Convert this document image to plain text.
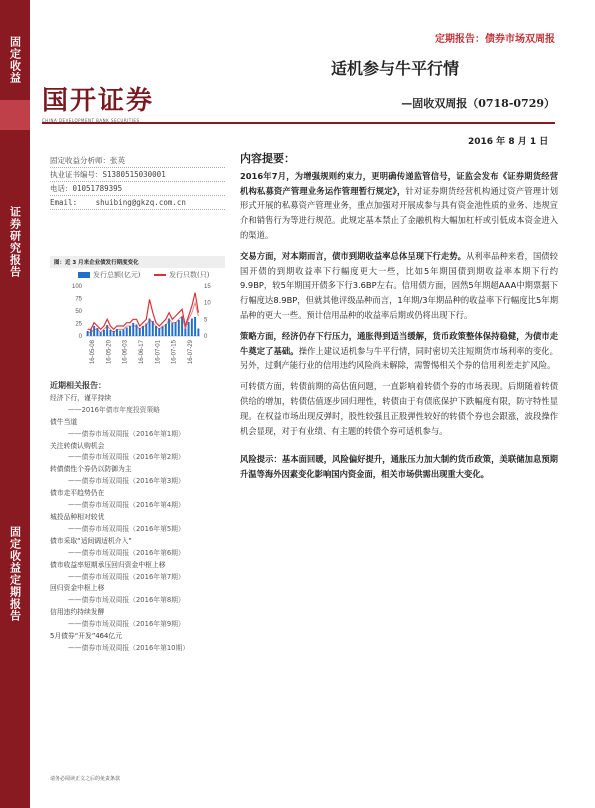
固定收益
证券研究报告
固定收益定期报告
定期报告：债券市场双周报
国开证券
CHINA DEVELOPMENT BANK SECURITIES
适机参与牛平行情
—固收双周报（0718-0729）
2016 年 8 月 1 日
固定收益分析师：张英
执业证书编号：S1380515030001
电话：01051789395
Email: shuibing@gkzq.com.cn
图：近 3 月来企业债发行期度变化
发行总额(亿元)	发行只数(只)
0
25
50
75
100
0
5
10
15
16-05-08 16-05-20 16-06-03 16-06-17 16-07-01 16-07-15 16-07-29
近期相关报告：
经济下行，谨平持续
——2016年债市年度投资策略
债牛当道
——债券市场双周报（2016年第1期）
关注转债认购机会
——债券市场双周报（2016年第2期）
转债债性个券仍以防御为主
——债券市场双周报（2016年第3期）
债市走平趋势仍在
——债券市场双周报（2016年第4期）
城投品种相对较优
——债券市场双周报（2016年第5期）
债市采取“适间调适机介入”
——债券市场双周报（2016年第6期）
债市收益率短期承压回归资金中枢上移
——债券市场双周报（2016年第7期）
回归资金中枢上移
——债券市场双周报（2016年第8期）
信用违约持续发酵
——债券市场双周报（2016年第9期）
5月债券“开发”464亿元
——债券市场双周报（2016年第10期）
内容提要：
2016年7月，为增强规则约束力，更明确传递监管信号，证监会发布《证券期货经营机构私募资产管理业务运作管理暂行规定》，针对证券期货经营机构通过资产管理计划形式开展的私募资产管理业务，重点加强对开展成参与具有资金池性质的业务、违规宣介和销售行为等进行规范。此规定基本禁止了金融机构大幅加杠杆或引低成本资金进入的渠道。
交易方面，对本期而言，债市到期收益率总体呈现下行走势。从利率品种来看，国债较国开债的到期收益率下行幅度更大一些，比如5年期国债到期收益率本期下行约9.9BP，较5年期国开债多下行3.6BP左右。信用债方面，固然5年期超AAA中期票据下行幅度达8.9BP，但就其他评级品种而言，1年期/3年期品种的收益率下行幅度比5年期品种的更大一些。预计信用品种的收益率后期或仍将出现下行。
策略方面，经济仍存下行压力，通胀得到适当缓解，货币政策整体保持稳健，为债市走牛奠定了基础。操作上建议适机参与牛平行情，同时密切关注短期货市场利率的变化。另外，过剩产能行业的信用违约风险尚未解除，需警惕相关个券的信用利差走扩风险。
可转债方面，转债前期的高估值问题，一直影响着转债个券的市场表现。后期随着转债供给的增加，转债估值逐步回归理性，转债由于有债底保护下跌幅度有限，防守特性显现。在权益市场出现反弹时，股性较强且正股弹性较好的转债个券也会跟涨，波段操作机会显现，对于有业绩、有主题的转债个券可适机参与。
风险提示：基本面回暖，风险偏好提升，通胀压力加大制约货币政策，美联储加息预期升温等海外因素变化影响国内资金面，相关市场供需出现重大变化。
请务必阅读正文之后的免责条款
